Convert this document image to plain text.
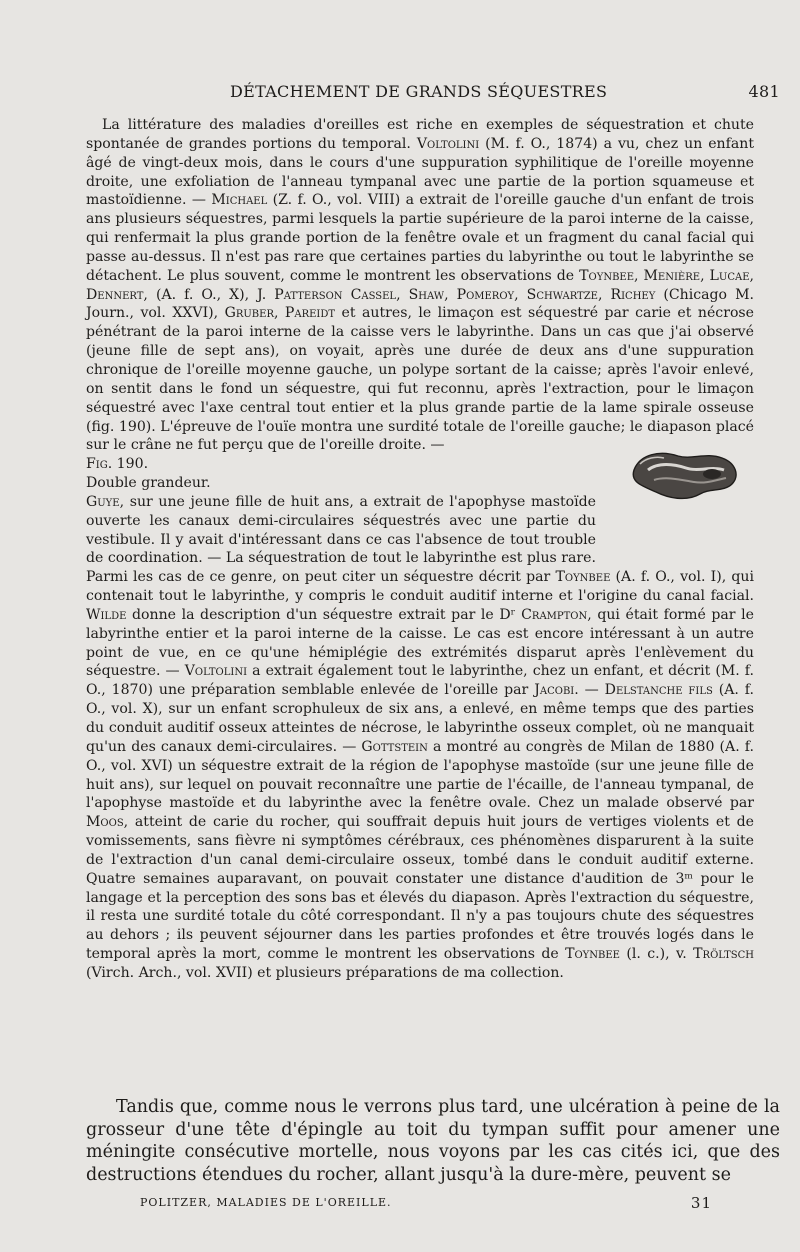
DÉTACHEMENT DE GRANDS SÉQUESTRES	481

La littérature des maladies d'oreilles est riche en exemples de séquestration et chute spontanée de grandes portions du temporal. Voltolini (M. f. O., 1874) a vu, chez un enfant âgé de vingt-deux mois, dans le cours d'une suppuration syphilitique de l'oreille moyenne droite, une exfoliation de l'anneau tympanal avec une partie de la portion squameuse et mastoïdienne. — Michael (Z. f. O., vol. VIII) a extrait de l'oreille gauche d'un enfant de trois ans plusieurs séquestres, parmi lesquels la partie supérieure de la paroi interne de la caisse, qui renfermait la plus grande portion de la fenêtre ovale et un fragment du canal facial qui passe au-dessus. Il n'est pas rare que certaines parties du labyrinthe ou tout le labyrinthe se détachent. Le plus souvent, comme le montrent les observations de Toynbee, Menière, Lucae, Dennert, (A. f. O., X), J. Patterson Cassel, Shaw, Pomeroy, Schwartze, Richey (Chicago M. Journ., vol. XXVI), Gruber, Pareidt et autres, le limaçon est séquestré par carie et nécrose pénétrant de la paroi interne de la caisse vers le labyrinthe. Dans un cas que j'ai observé (jeune fille de sept ans), on voyait, après une durée de deux ans d'une suppuration chronique de l'oreille moyenne gauche, un polype sortant de la caisse; après l'avoir enlevé, on sentit dans le fond un séquestre, qui fut reconnu, après l'extraction, pour le limaçon séquestré avec l'axe central tout entier et la plus grande partie de la lame spirale osseuse (fig. 190). L'épreuve de l'ouïe montra une surdité totale de l'oreille gauche; le diapason placé sur le crâne ne fut perçu que de l'oreille droite. —

Fig. 190.
Double grandeur.
Guye, sur une jeune fille de huit ans, a extrait de l'apophyse mastoïde ouverte les canaux demi-circulaires séquestrés avec une partie du vestibule. Il y avait d'intéressant dans ce cas l'absence de tout trouble de coordination. — La séquestration de tout le labyrinthe est plus rare. Parmi les cas de ce genre, on peut citer un séquestre décrit par Toynbee (A. f. O., vol. I), qui contenait tout le labyrinthe, y compris le conduit auditif interne et l'origine du canal facial. Wilde donne la description d'un séquestre extrait par le Dʳ Crampton, qui était formé par le labyrinthe entier et la paroi interne de la caisse. Le cas est encore intéressant à un autre point de vue, en ce qu'une hémiplégie des extrémités disparut après l'enlèvement du séquestre. — Voltolini a extrait également tout le labyrinthe, chez un enfant, et décrit (M. f. O., 1870) une préparation semblable enlevée de l'oreille par Jacobi. — Delstanche fils (A. f. O., vol. X), sur un enfant scrophuleux de six ans, a enlevé, en même temps que des parties du conduit auditif osseux atteintes de nécrose, le labyrinthe osseux complet, où ne manquait qu'un des canaux demi-circulaires. — Gottstein a montré au congrès de Milan de 1880 (A. f. O., vol. XVI) un séquestre extrait de la région de l'apophyse mastoïde (sur une jeune fille de huit ans), sur lequel on pouvait reconnaître une partie de l'écaille, de l'anneau tympanal, de l'apophyse mastoïde et du labyrinthe avec la fenêtre ovale. Chez un malade observé par Moos, atteint de carie du rocher, qui souffrait depuis huit jours de vertiges violents et de vomissements, sans fièvre ni symptômes cérébraux, ces phénomènes disparurent à la suite de l'extraction d'un canal demi-circulaire osseux, tombé dans le conduit auditif externe. Quatre semaines auparavant, on pouvait constater une distance d'audition de 3ᵐ pour le langage et la perception des sons bas et élevés du diapason. Après l'extraction du séquestre, il resta une surdité totale du côté correspondant. Il n'y a pas toujours chute des séquestres au dehors ; ils peuvent séjourner dans les parties profondes et être trouvés logés dans le temporal après la mort, comme le montrent les observations de Toynbee (l. c.), v. Tröltsch (Virch. Arch., vol. XVII) et plusieurs préparations de ma collection.

Tandis que, comme nous le verrons plus tard, une ulcération à peine de la grosseur d'une tête d'épingle au toit du tympan suffit pour amener une méningite consécutive mortelle, nous voyons par les cas cités ici, que des destructions étendues du rocher, allant jusqu'à la dure-mère, peuvent se

POLITZER, MALADIES DE L'OREILLE.	31
